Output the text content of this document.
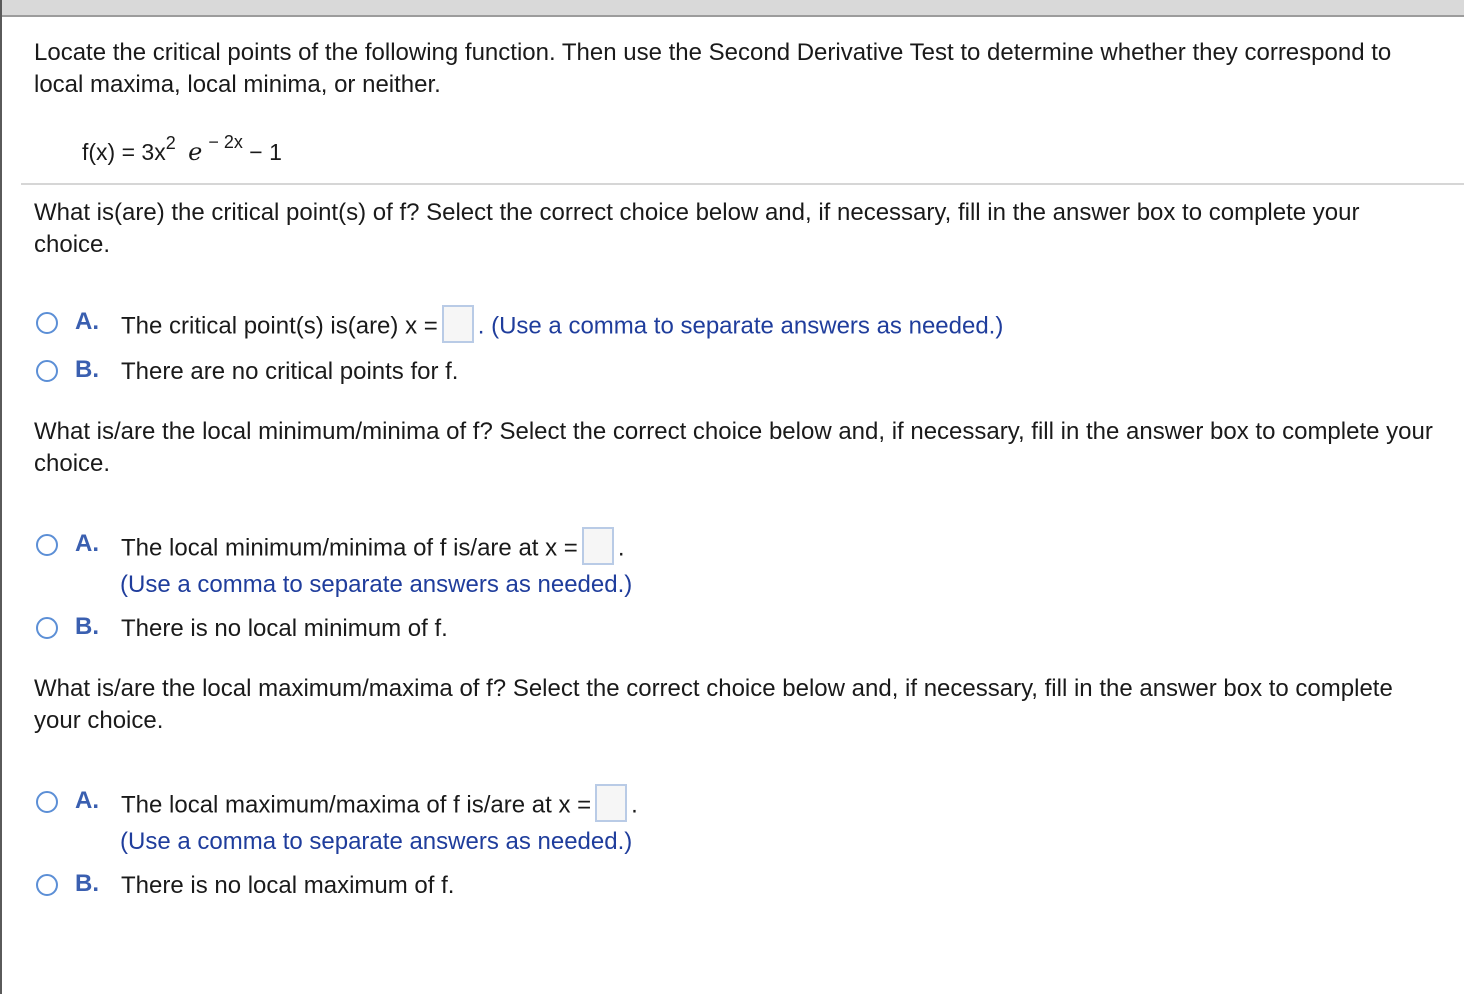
Locate the critical points of the following function. Then use the Second Derivative Test to determine whether they correspond to local maxima, local minima, or neither.

$f(x) = 3x^2$ e $^{- 2x}$ − 1

What is(are) the critical point(s) of f? Select the correct choice below and, if necessary, fill in the answer box to complete your choice.

A. The critical point(s) is(are) x = . (Use a comma to separate answers as needed.)
B. There are no critical points for f.

What is/are the local minimum/minima of f? Select the correct choice below and, if necessary, fill in the answer box to complete your choice.

A. The local minimum/minima of f is/are at x = .
(Use a comma to separate answers as needed.)
B. There is no local minimum of f.

What is/are the local maximum/maxima of f? Select the correct choice below and, if necessary, fill in the answer box to complete your choice.

A. The local maximum/maxima of f is/are at x = .
(Use a comma to separate answers as needed.)
B. There is no local maximum of f.
